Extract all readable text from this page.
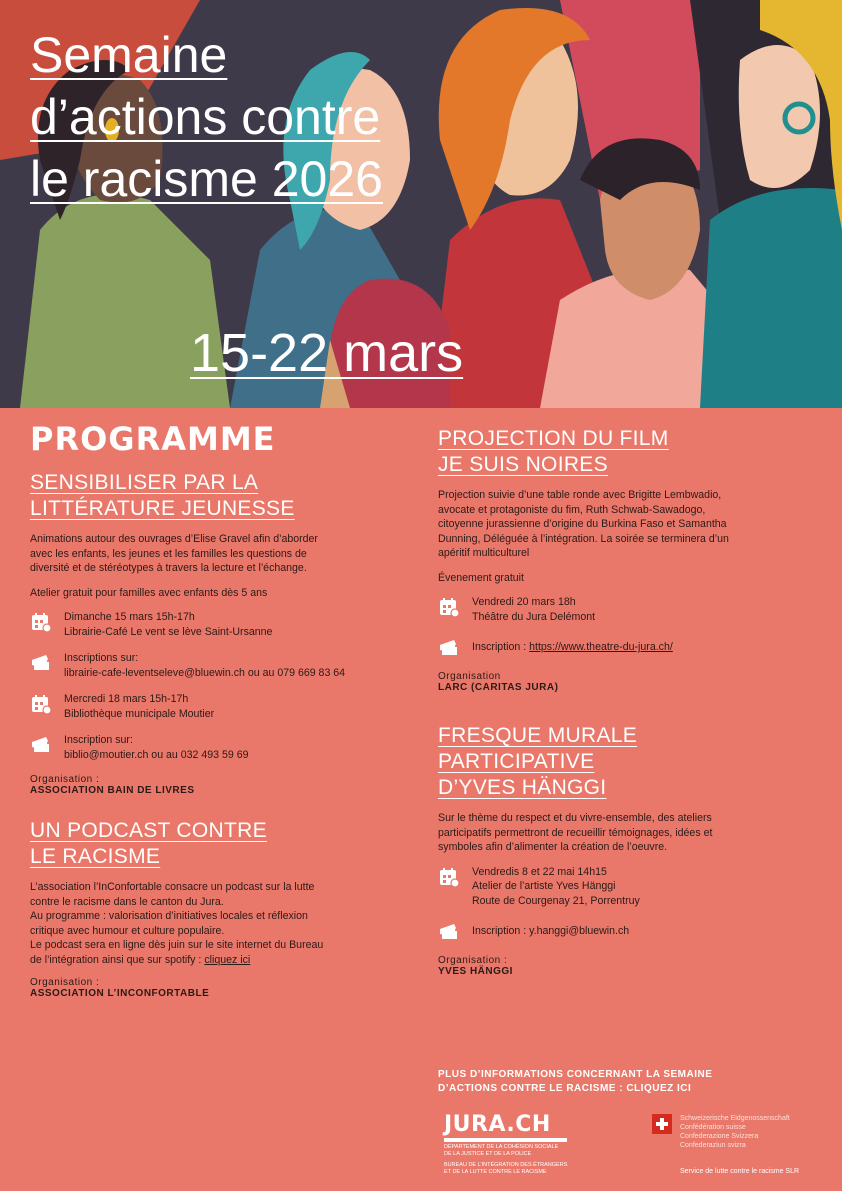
Semaine
d’actions contre
le racisme 2026
15-22 mars
PROGRAMME
SENSIBILISER PAR LA
LITTÉRATURE JEUNESSE

Animations autour des ouvrages d’Elise Gravel afin d’aborder
avec les enfants, les jeunes et les familles les questions de
diversité et de stéréotypes à travers la lecture et l’échange.

Atelier gratuit pour familles avec enfants dès 5 ans

Dimanche 15 mars 15h-17h
Librairie-Café Le vent se lève Saint-Ursanne
Inscriptions sur:
librairie-cafe-leventseleve@bluewin.ch ou au 079 669 83 64
Mercredi 18 mars 15h-17h
Bibliothèque municipale Moutier
Inscription sur:
biblio@moutier.ch ou au 032 493 59 69
Organisation :
ASSOCIATION BAIN DE LIVRES
UN PODCAST CONTRE
LE RACISME

L’association l’InConfortable consacre un podcast sur la lutte
contre le racisme dans le canton du Jura.
Au programme : valorisation d’initiatives locales et réflexion
critique avec humour et culture populaire.
Le podcast sera en ligne dès juin sur le site internet du Bureau
de l’intégration ainsi que sur spotify : cliquez ici

Organisation :
ASSOCIATION L’INCONFORTABLE
PROJECTION DU FILM
JE SUIS NOIRES

Projection suivie d’une table ronde avec Brigitte Lembwadio,
avocate et protagoniste du fim, Ruth Schwab-Sawadogo,
citoyenne jurassienne d’origine du Burkina Faso et Samantha
Dunning, Déléguée à l’intégration. La soirée se terminera d’un
apéritif multiculturel

Évenement gratuit

Vendredi 20 mars 18h
Théâtre du Jura Delémont
Inscription : https://www.theatre-du-jura.ch/
Organisation
LARC (CARITAS JURA)
FRESQUE MURALE
PARTICIPATIVE
D’YVES HÄNGGI

Sur le thème du respect et du vivre-ensemble, des ateliers
participatifs permettront de recueillir témoignages, idées et
symboles afin d’alimenter la création de l’oeuvre.

Vendredis 8 et 22 mai 14h15
Atelier de l’artiste Yves Hänggi
Route de Courgenay 21, Porrentruy
Inscription : y.hanggi@bluewin.ch
Organisation :
YVES HÄNGGI
PLUS D’INFORMATIONS CONCERNANT LA SEMAINE
D’ACTIONS CONTRE LE RACISME : CLIQUEZ ICI
JURA.CH
DÉPARTEMENT DE LA COHÉSION SOCIALE
DE LA JUSTICE ET DE LA POLICE
BUREAU DE L’INTÉGRATION DES ÉTRANGERS
ET DE LA LUTTE CONTRE LE RACISME
Schweizerische Eidgenossenschaft
Confédération suisse
Confederazione Svizzera
Confederaziun svizra
Service de lutte contre le racisme SLR
